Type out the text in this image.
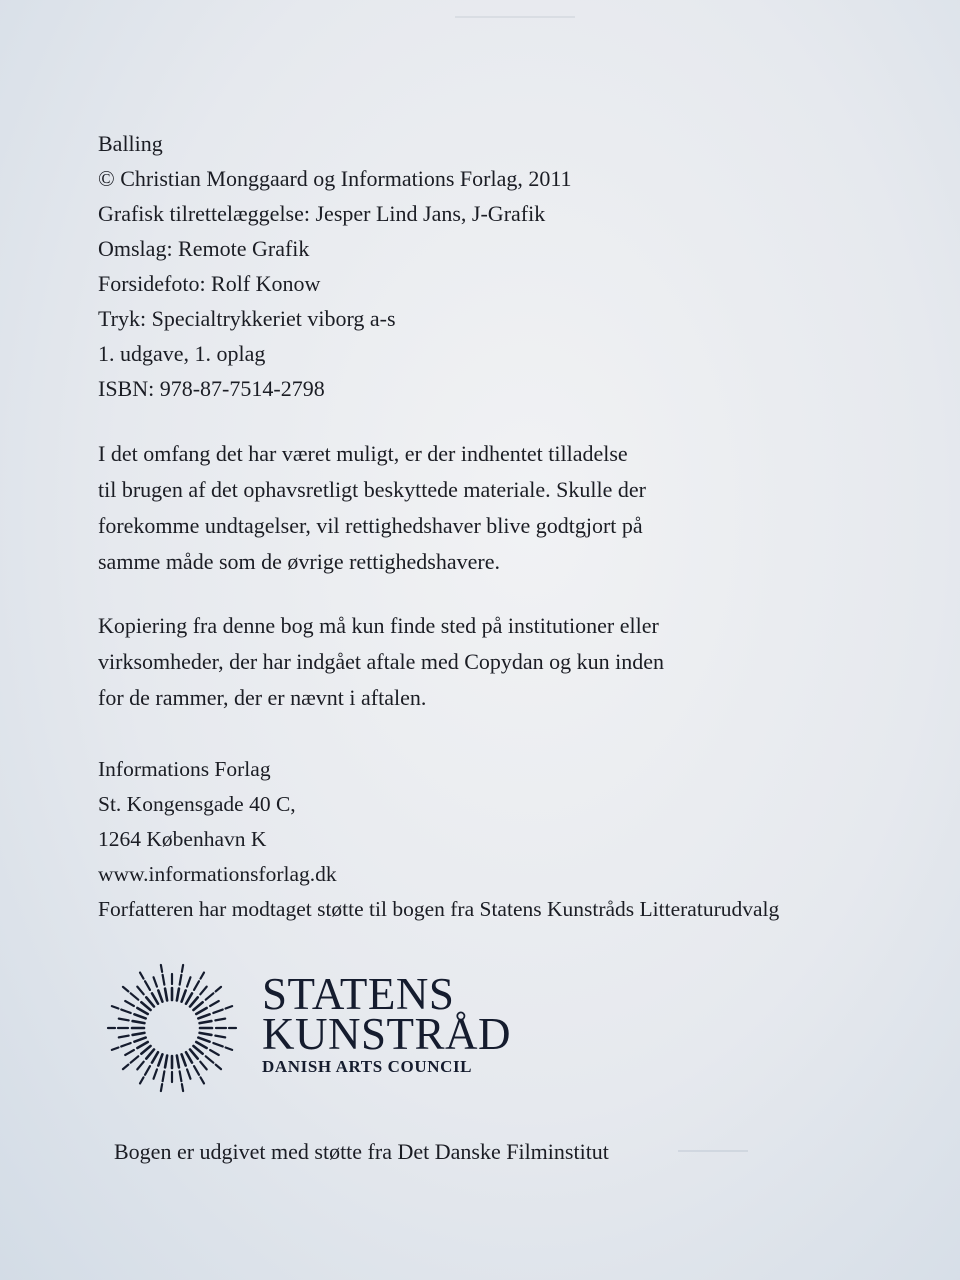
Balling
© Christian Monggaard og Informations Forlag, 2011
Grafisk tilrettelæggelse: Jesper Lind Jans, J-Grafik
Omslag: Remote Grafik
Forsidefoto: Rolf Konow
Tryk: Specialtrykkeriet viborg a-s
1. udgave, 1. oplag
ISBN: 978-87-7514-2798
I det omfang det har været muligt, er der indhentet tilladelse
til brugen af det ophavsretligt beskyttede materiale. Skulle der
forekomme undtagelser, vil rettighedshaver blive godtgjort på
samme måde som de øvrige rettighedshavere.
Kopiering fra denne bog må kun finde sted på institutioner eller
virksomheder, der har indgået aftale med Copydan og kun inden
for de rammer, der er nævnt i aftalen.
Informations Forlag
St. Kongensgade 40 C,
1264 København K
www.informationsforlag.dk
Forfatteren har modtaget støtte til bogen fra Statens Kunstråds Litteraturudvalg
STATENS
KUNSTRÅD
DANISH ARTS COUNCIL
Bogen er udgivet med støtte fra Det Danske Filminstitut
